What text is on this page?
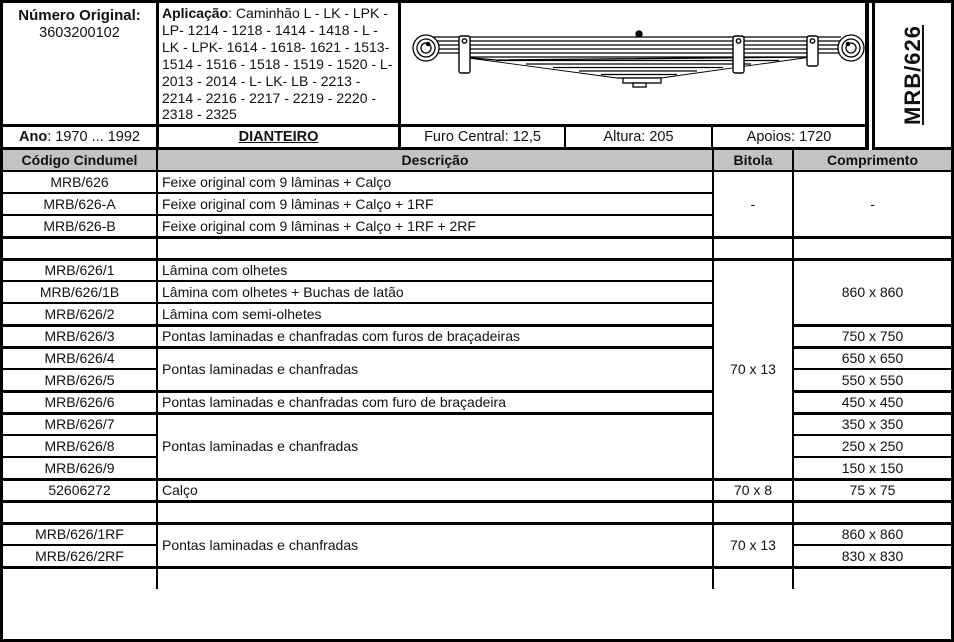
Número Original:
3603200102
Aplicação: Caminhão L - LK - LPK - LP- 1214 - 1218 - 1414 - 1418 - L - LK - LPK- 1614 - 1618- 1621 - 1513- 1514 - 1516 - 1518 - 1519 - 1520 - L- 2013 - 2014 - L- LK- LB - 2213 - 2214 - 2216 - 2217 - 2219 - 2220 - 2318 - 2325	MRB/626
Ano : 1970 ... 1992	DIANTEIRO	Furo Central: 12,5	Altura: 205	Apoios: 1720
Código Cindumel	Descrição	Bitola	Comprimento
MRB/626	Feixe original com 9 lâminas + Calço	-	-
MRB/626-A	Feixe original com 9 lâminas + Calço + 1RF		
MRB/626-B	Feixe original com 9 lâminas + Calço + 1RF + 2RF		

MRB/626/1	Lâmina com olhetes	70 x 13	860 x 860
MRB/626/1B	Lâmina com olhetes + Buchas de latão		
MRB/626/2	Lâmina com semi-olhetes		
MRB/626/3	Pontas laminadas e chanfradas com furos de braçadeiras		750 x 750
MRB/626/4	Pontas laminadas e chanfradas		650 x 650
MRB/626/5			550 x 550
MRB/626/6	Pontas laminadas e chanfradas com furo de braçadeira		450 x 450
MRB/626/7	Pontas laminadas e chanfradas		350 x 350
MRB/626/8			250 x 250
MRB/626/9			150 x 150
52606272	Calço	70 x 8	75 x 75

MRB/626/1RF	Pontas laminadas e chanfradas	70 x 13	860 x 860
MRB/626/2RF			830 x 830
